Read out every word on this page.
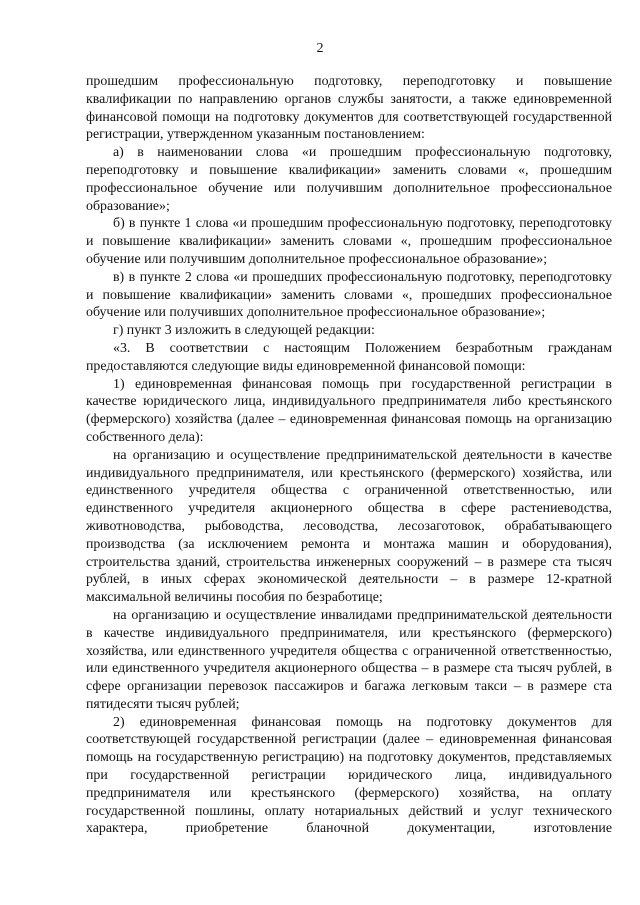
2

прошедшим профессиональную подготовку, переподготовку и повышение квалификации по направлению органов службы занятости, а также единовременной финансовой помощи на подготовку документов для соответствующей государственной регистрации, утвержденном указанным постановлением:

а) в наименовании слова «и прошедшим профессиональную подготовку, переподготовку и повышение квалификации» заменить словами «, прошедшим профессиональное обучение или получившим дополнительное профессиональное образование»;

б) в пункте 1 слова «и прошедшим профессиональную подготовку, переподготовку и повышение квалификации» заменить словами «, прошедшим профессиональное обучение или получившим дополнительное профессиональное образование»;

в) в пункте 2 слова «и прошедших профессиональную подготовку, переподготовку и повышение квалификации» заменить словами «, прошедших профессиональное обучение или получивших дополнительное профессиональное образование»;

г) пункт 3 изложить в следующей редакции:

«3. В соответствии с настоящим Положением безработным гражданам предоставляются следующие виды единовременной финансовой помощи:

1) единовременная финансовая помощь при государственной регистрации в качестве юридического лица, индивидуального предпринимателя либо крестьянского (фермерского) хозяйства (далее – единовременная финансовая помощь на организацию собственного дела):

на организацию и осуществление предпринимательской деятельности в качестве индивидуального предпринимателя, или крестьянского (фермерского) хозяйства, или единственного учредителя общества с ограниченной ответственностью, или единственного учредителя акционерного общества в сфере растениеводства, животноводства, рыбоводства, лесоводства, лесозаготовок, обрабатывающего производства (за исключением ремонта и монтажа машин и оборудования), строительства зданий, строительства инженерных сооружений – в размере ста тысяч рублей, в иных сферах экономической деятельности – в размере 12-кратной максимальной величины пособия по безработице;

на организацию и осуществление инвалидами предпринимательской деятельности в качестве индивидуального предпринимателя, или крестьянского (фермерского) хозяйства, или единственного учредителя общества с ограниченной ответственностью, или единственного учредителя акционерного общества – в размере ста тысяч рублей, в сфере организации перевозок пассажиров и багажа легковым такси – в размере ста пятидесяти тысяч рублей;

2) единовременная финансовая помощь на подготовку документов для соответствующей государственной регистрации (далее – единовременная финансовая помощь на государственную регистрацию) на подготовку документов, представляемых при государственной регистрации юридического лица, индивидуального предпринимателя или крестьянского (фермерского) хозяйства, на оплату государственной пошлины, оплату нотариальных действий и услуг технического характера, приобретение бланочной документации, изготовление
